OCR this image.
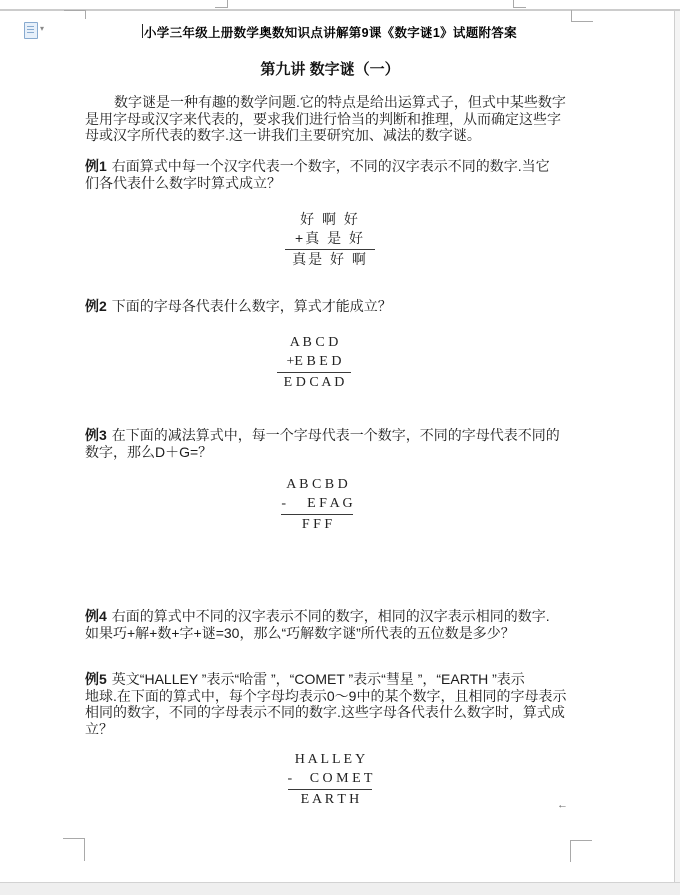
▾	小学三年级上册数学奥数知识点讲解第9课《数字谜1》试题附答案
第九讲 数字谜（一）
数字谜是一种有趣的数学问题.它的特点是给出运算式子，但式中某些数字
是用字母或汉字来代表的，要求我们进行恰当的判断和推理，从而确定这些字
母或汉字所代表的数字.这一讲我们主要研究加、减法的数字谜。
例1 右面算式中每一个汉字代表一个数字，不同的汉字表示不同的数字.当它
们各代表什么数字时算式成立？
好 啊 好
+真 是 好
真是 好 啊
例2 下面的字母各代表什么数字，算式才能成立？
A B C D
+E B E D
E D C A D
例3 在下面的减法算式中，每一个字母代表一个数字，不同的字母代表不同的
数字，那么D＋G=？
A B C B D
-      E F A G
F F F
例4 右面的算式中不同的汉字表示不同的数字，相同的汉字表示相同的数字.
如果巧+解+数+字+谜=30，那么“巧解数字谜”所代表的五位数是多少？
例5 英文“HALLEY ”表示“哈雷 ”，“COMET ”表示“彗星 ”，“EARTH ”表示
地球.在下面的算式中，每个字母均表示0～9中的某个数字，且相同的字母表示
相同的数字，不同的字母表示不同的数字.这些字母各代表什么数字时，算式成
立？
H A L L E Y
-     C O M E T
E A R T H	←
